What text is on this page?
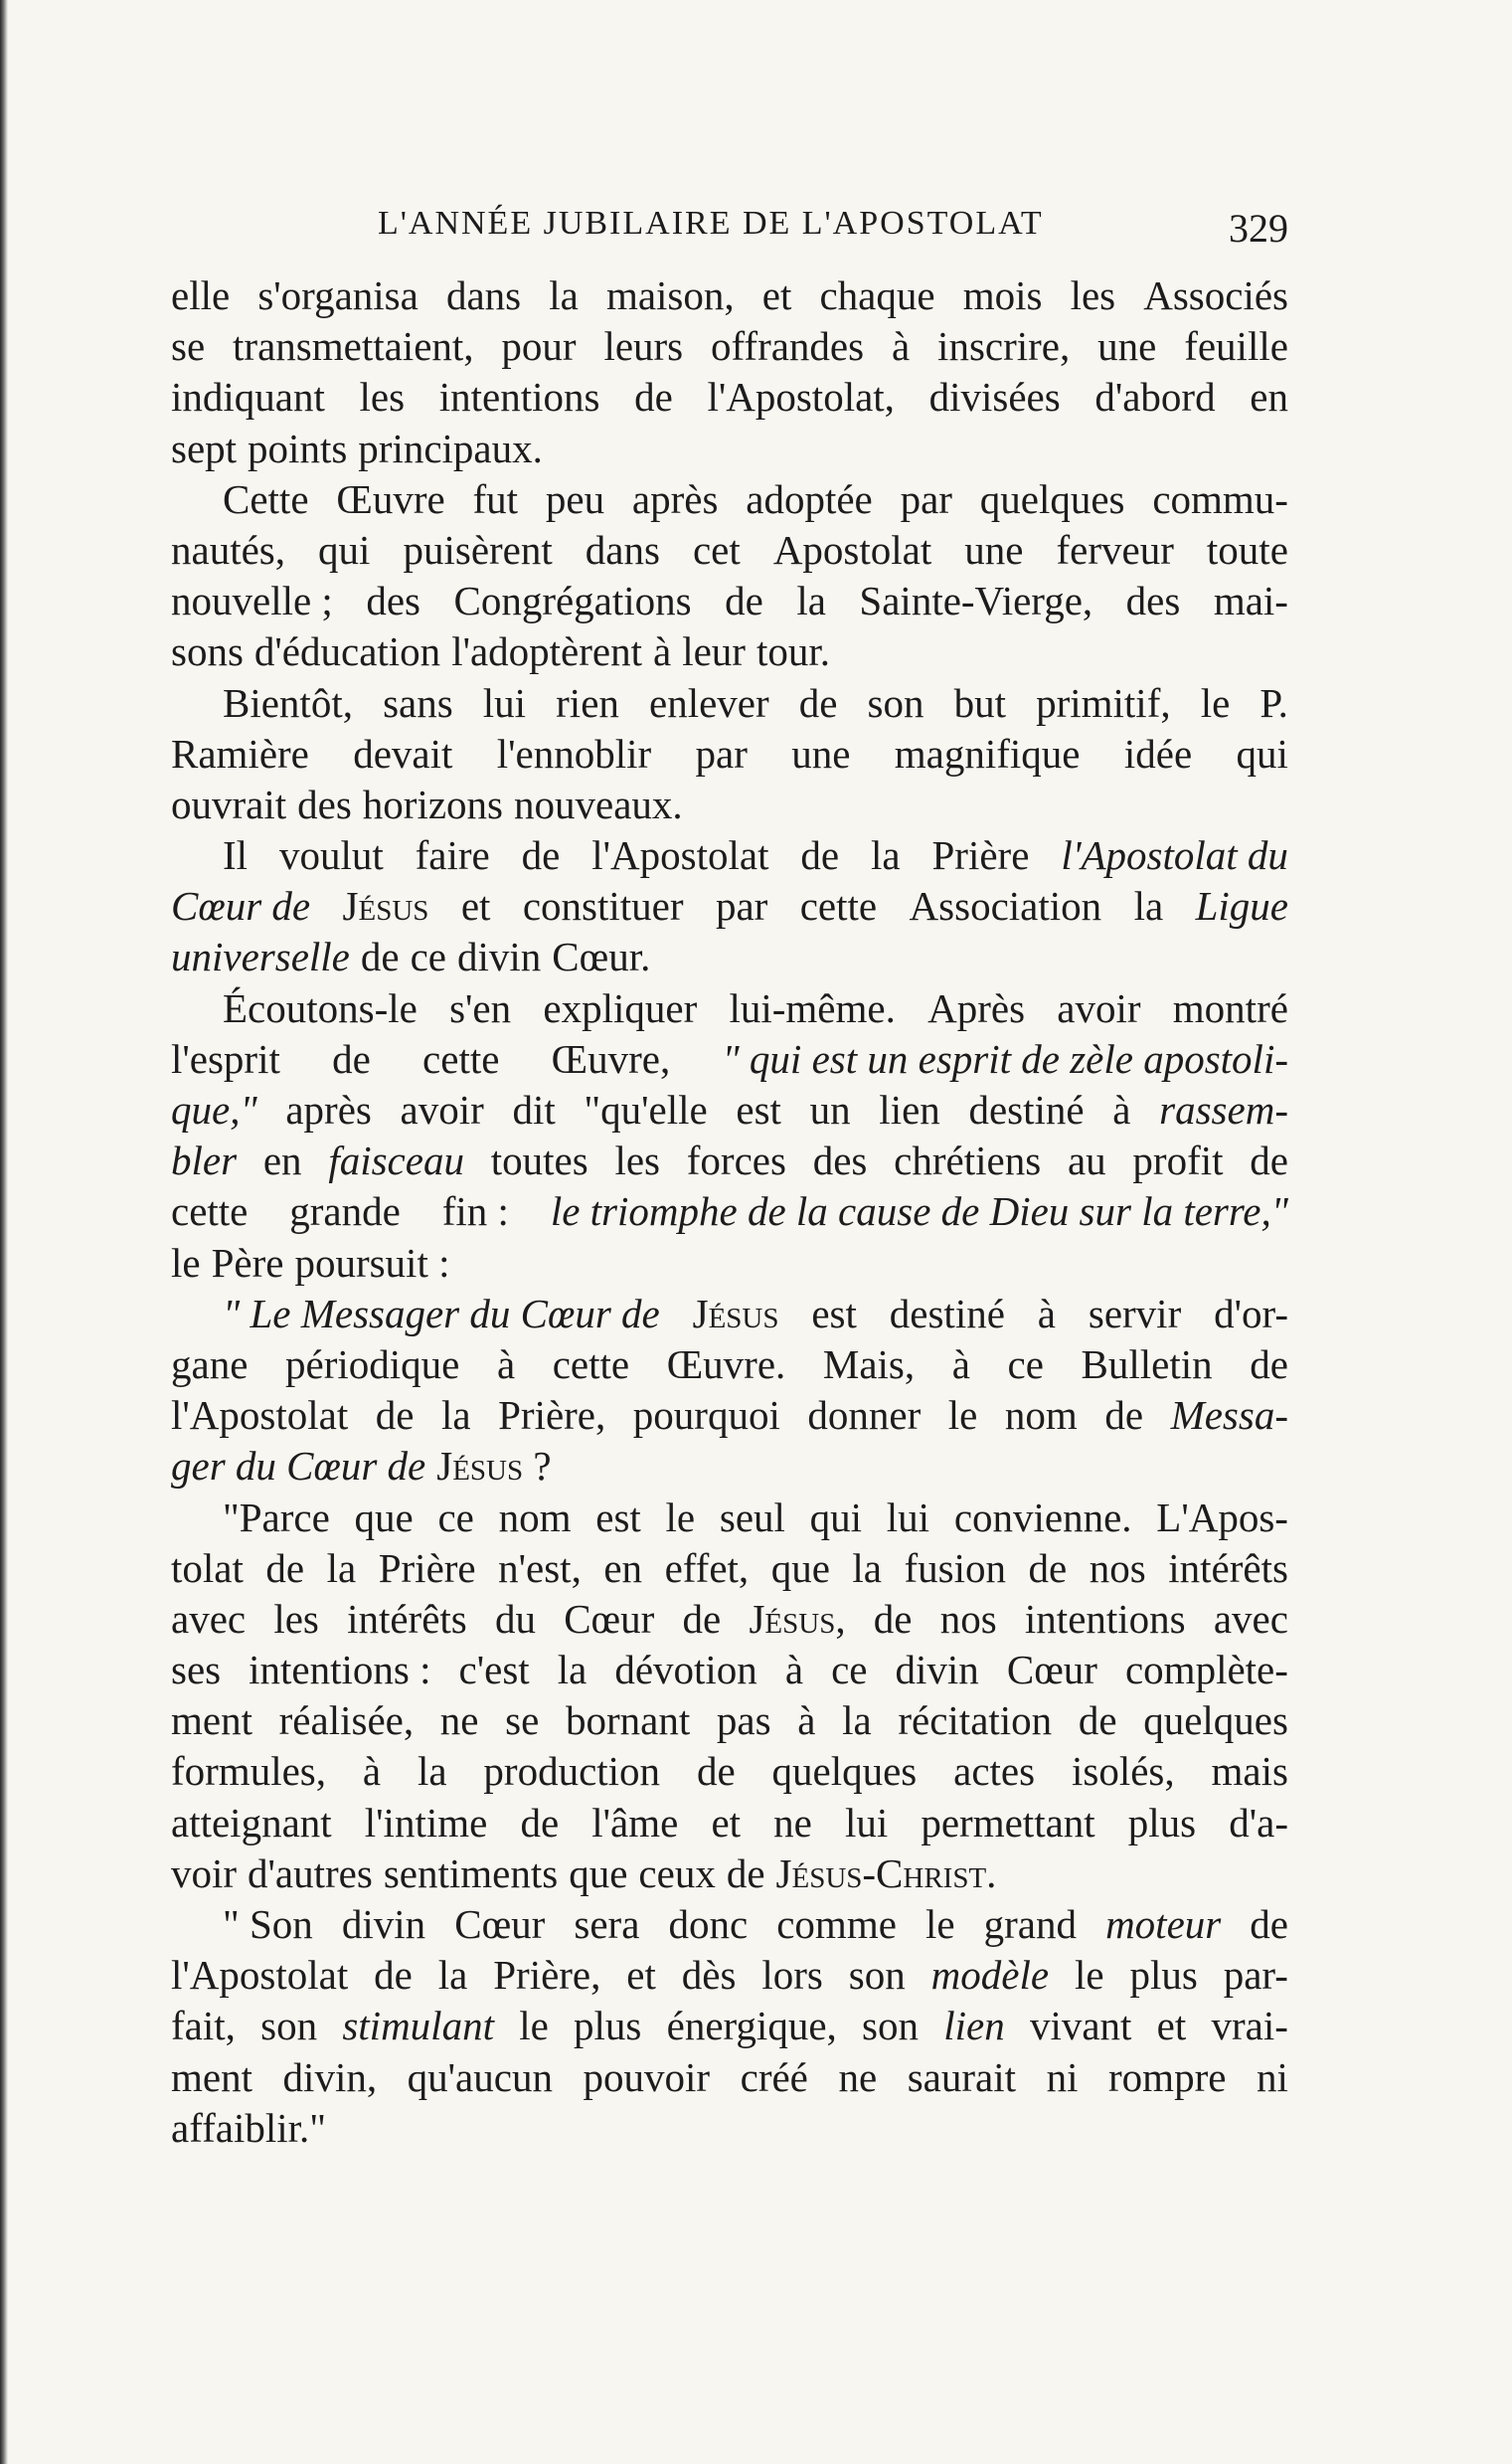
L'ANNÉE JUBILAIRE DE L'APOSTOLAT	329
elle s'organisa dans la maison, et chaque mois les Associés
se transmettaient, pour leurs offrandes à inscrire, une feuille
indiquant les intentions de l'Apostolat, divisées d'abord en
sept points principaux.
Cette Œuvre fut peu après adoptée par quelques commu-
nautés, qui puisèrent dans cet Apostolat une ferveur toute
nouvelle ; des Congrégations de la Sainte-Vierge, des mai-
sons d'éducation l'adoptèrent à leur tour.
Bientôt, sans lui rien enlever de son but primitif, le P.
Ramière devait l'ennoblir par une magnifique idée qui
ouvrait des horizons nouveaux.
Il voulut faire de l'Apostolat de la Prière l'Apostolat du
Cœur de Jésus et constituer par cette Association la Ligue
universelle de ce divin Cœur.
Écoutons-le s'en expliquer lui-même. Après avoir montré
l'esprit de cette Œuvre, " qui est un esprit de zèle apostoli-
que," après avoir dit "qu'elle est un lien destiné à rassem-
bler en faisceau toutes les forces des chrétiens au profit de
cette grande fin : le triomphe de la cause de Dieu sur la terre,"
le Père poursuit :
" Le Messager du Cœur de Jésus est destiné à servir d'or-
gane périodique à cette Œuvre. Mais, à ce Bulletin de
l'Apostolat de la Prière, pourquoi donner le nom de Messa-
ger du Cœur de Jésus ?
"Parce que ce nom est le seul qui lui convienne. L'Apos-
tolat de la Prière n'est, en effet, que la fusion de nos intérêts
avec les intérêts du Cœur de Jésus, de nos intentions avec
ses intentions : c'est la dévotion à ce divin Cœur complète-
ment réalisée, ne se bornant pas à la récitation de quelques
formules, à la production de quelques actes isolés, mais
atteignant l'intime de l'âme et ne lui permettant plus d'a-
voir d'autres sentiments que ceux de Jésus-Christ.
" Son divin Cœur sera donc comme le grand moteur de
l'Apostolat de la Prière, et dès lors son modèle le plus par-
fait, son stimulant le plus énergique, son lien vivant et vrai-
ment divin, qu'aucun pouvoir créé ne saurait ni rompre ni
affaiblir."
